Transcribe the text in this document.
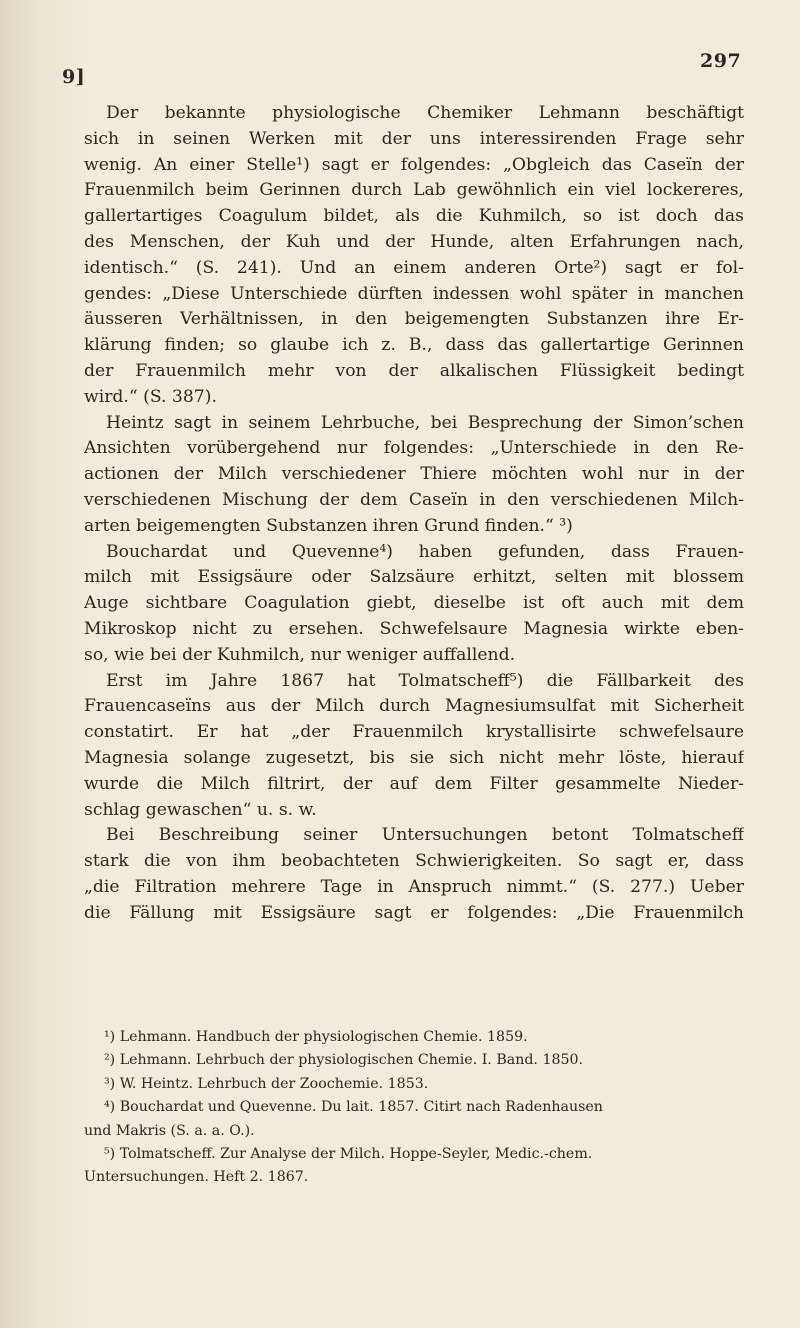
9]
297
Der bekannte physiologische Chemiker Lehmann beschäftigt
sich in seinen Werken mit der uns interessirenden Frage sehr
wenig. An einer Stelle¹) sagt er folgendes: „Obgleich das Caseïn der
Frauenmilch beim Gerinnen durch Lab gewöhnlich ein viel lockereres,
gallertartiges Coagulum bildet, als die Kuhmilch, so ist doch das
des Menschen, der Kuh und der Hunde, alten Erfahrungen nach,
identisch.“ (S. 241). Und an einem anderen Orte²) sagt er fol-
gendes: „Diese Unterschiede dürften indessen wohl später in manchen
äusseren Verhältnissen, in den beigemengten Substanzen ihre Er-
klärung finden; so glaube ich z. B., dass das gallertartige Gerinnen
der Frauenmilch mehr von der alkalischen Flüssigkeit bedingt
wird.“ (S. 387).
Heintz sagt in seinem Lehrbuche, bei Besprechung der Simon’schen
Ansichten vorübergehend nur folgendes: „Unterschiede in den Re-
actionen der Milch verschiedener Thiere möchten wohl nur in der
verschiedenen Mischung der dem Caseïn in den verschiedenen Milch-
arten beigemengten Substanzen ihren Grund finden.“ ³)
Bouchardat und Quevenne⁴) haben gefunden, dass Frauen-
milch mit Essigsäure oder Salzsäure erhitzt, selten mit blossem
Auge sichtbare Coagulation giebt, dieselbe ist oft auch mit dem
Mikroskop nicht zu ersehen. Schwefelsaure Magnesia wirkte eben-
so, wie bei der Kuhmilch, nur weniger auffallend.
Erst im Jahre 1867 hat Tolmatscheff⁵) die Fällbarkeit des
Frauencaseïns aus der Milch durch Magnesiumsulfat mit Sicherheit
constatirt. Er hat „der Frauenmilch krystallisirte schwefelsaure
Magnesia solange zugesetzt, bis sie sich nicht mehr löste, hierauf
wurde die Milch filtrirt, der auf dem Filter gesammelte Nieder-
schlag gewaschen“ u. s. w.
Bei Beschreibung seiner Untersuchungen betont Tolmatscheff
stark die von ihm beobachteten Schwierigkeiten. So sagt er, dass
„die Filtration mehrere Tage in Anspruch nimmt.“ (S. 277.) Ueber
die Fällung mit Essigsäure sagt er folgendes: „Die Frauenmilch
¹) Lehmann. Handbuch der physiologischen Chemie. 1859.
²) Lehmann. Lehrbuch der physiologischen Chemie. I. Band. 1850.
³) W. Heintz. Lehrbuch der Zoochemie. 1853.
⁴) Bouchardat und Quevenne. Du lait. 1857. Citirt nach Radenhausen
und Makris (S. a. a. O.).
⁵) Tolmatscheff. Zur Analyse der Milch. Hoppe-Seyler, Medic.-chem.
Untersuchungen. Heft 2. 1867.
